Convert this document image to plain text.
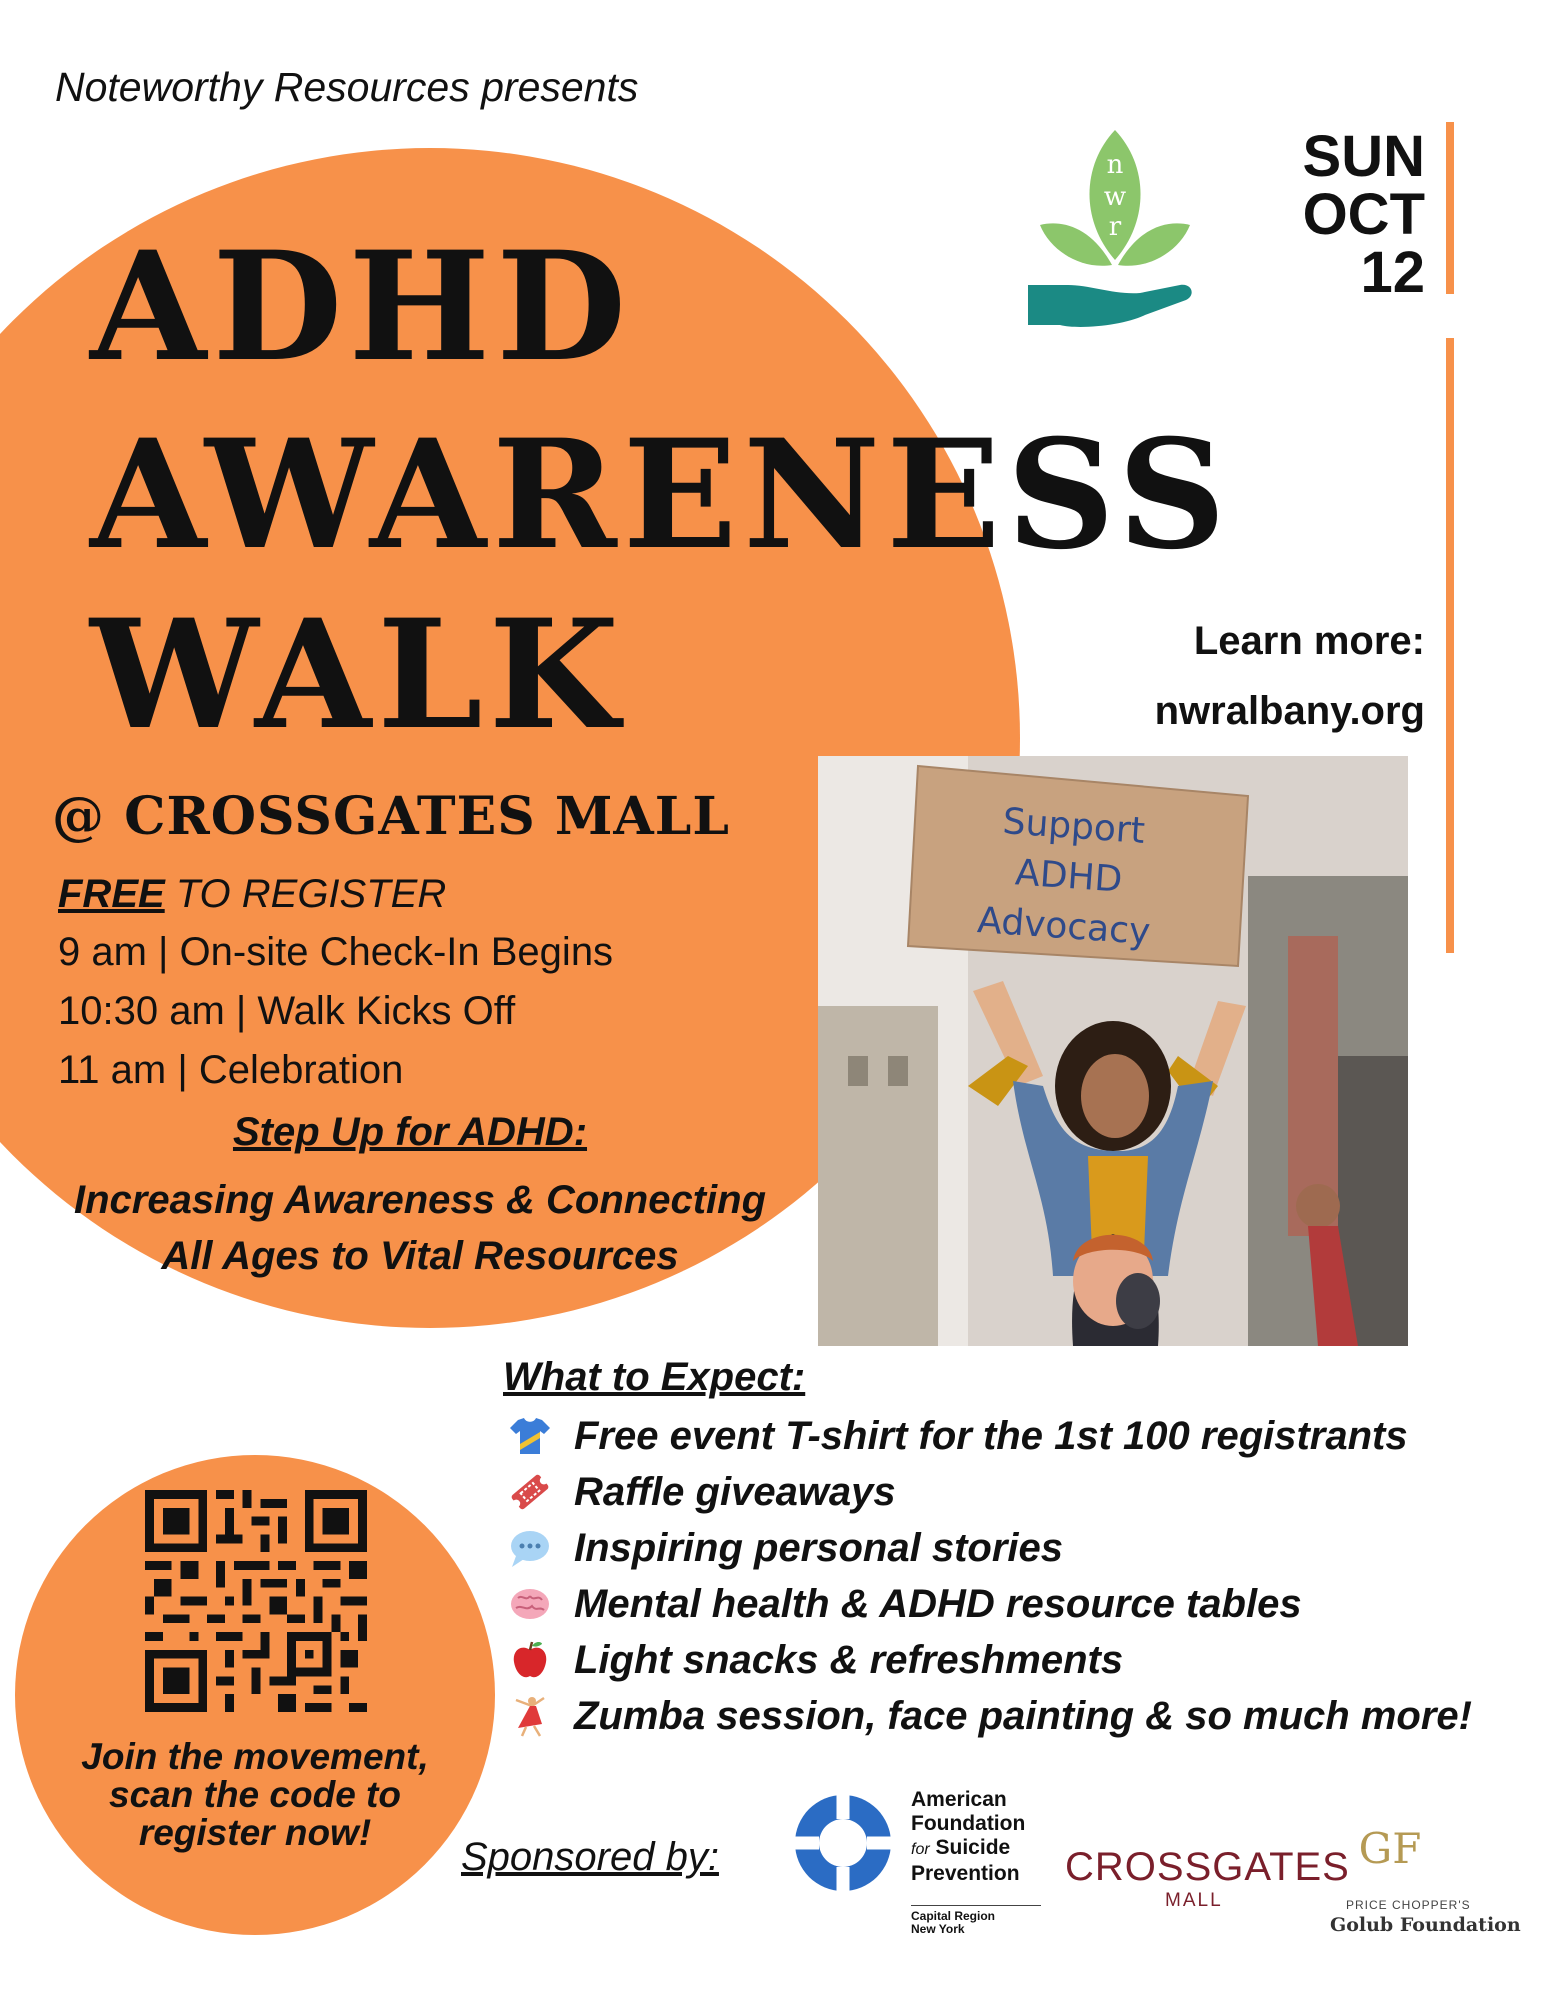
Noteworthy Resources presents
ADHD
AWARENESS
WALK
@ CROSSGATES MALL
FREE TO REGISTER
9 am | On-site Check-In Begins
10:30 am | Walk Kicks Off
11 am | Celebration
Step Up for ADHD:
Increasing Awareness & Connecting
All Ages to Vital Resources
n
w
r
SUN
OCT
12
Learn more:
nwralbany.org
Support
ADHD
Advocacy
What to Expect:
Free event T-shirt for the 1st 100 registrants
Raffle giveaways
Inspiring personal stories
Mental health & ADHD resource tables
Light snacks & refreshments
Zumba session, face painting & so much more!
Join the movement,
scan the code to
register now!
Sponsored by:
American
Foundation
for Suicide
Prevention
Capital Region
New York
CROSSGATES
MALL
GF
PRICE CHOPPER'S
Golub Foundation
